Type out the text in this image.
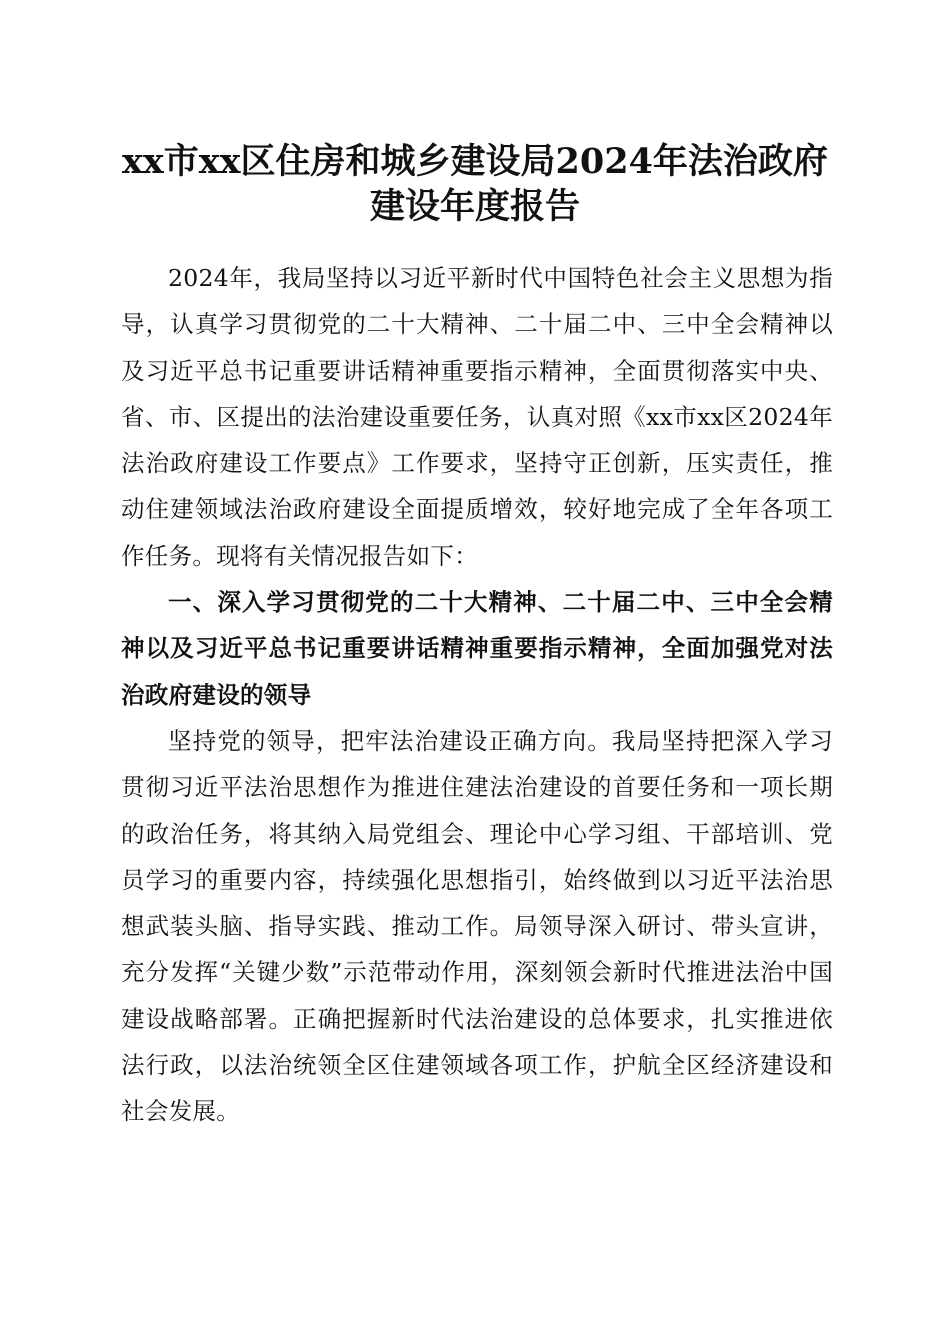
xx市xx区住房和城乡建设局2024年法治政府
建设年度报告

2024年，我局坚持以习近平新时代中国特色社会主义思想为指导，认真学习贯彻党的二十大精神、二十届二中、三中全会精神以及习近平总书记重要讲话精神重要指示精神，全面贯彻落实中央、省、市、区提出的法治建设重要任务，认真对照《xx市xx区2024年法治政府建设工作要点》工作要求，坚持守正创新，压实责任，推动住建领域法治政府建设全面提质增效，较好地完成了全年各项工作任务。现将有关情况报告如下：

一、深入学习贯彻党的二十大精神、二十届二中、三中全会精神以及习近平总书记重要讲话精神重要指示精神，全面加强党对法治政府建设的领导

坚持党的领导，把牢法治建设正确方向。我局坚持把深入学习贯彻习近平法治思想作为推进住建法治建设的首要任务和一项长期的政治任务，将其纳入局党组会、理论中心学习组、干部培训、党员学习的重要内容，持续强化思想指引，始终做到以习近平法治思想武装头脑、指导实践、推动工作。局领导深入研讨、带头宣讲，充分发挥“关键少数”示范带动作用，深刻领会新时代推进法治中国建设战略部署。正确把握新时代法治建设的总体要求，扎实推进依法行政，以法治统领全区住建领域各项工作，护航全区经济建设和社会发展。
